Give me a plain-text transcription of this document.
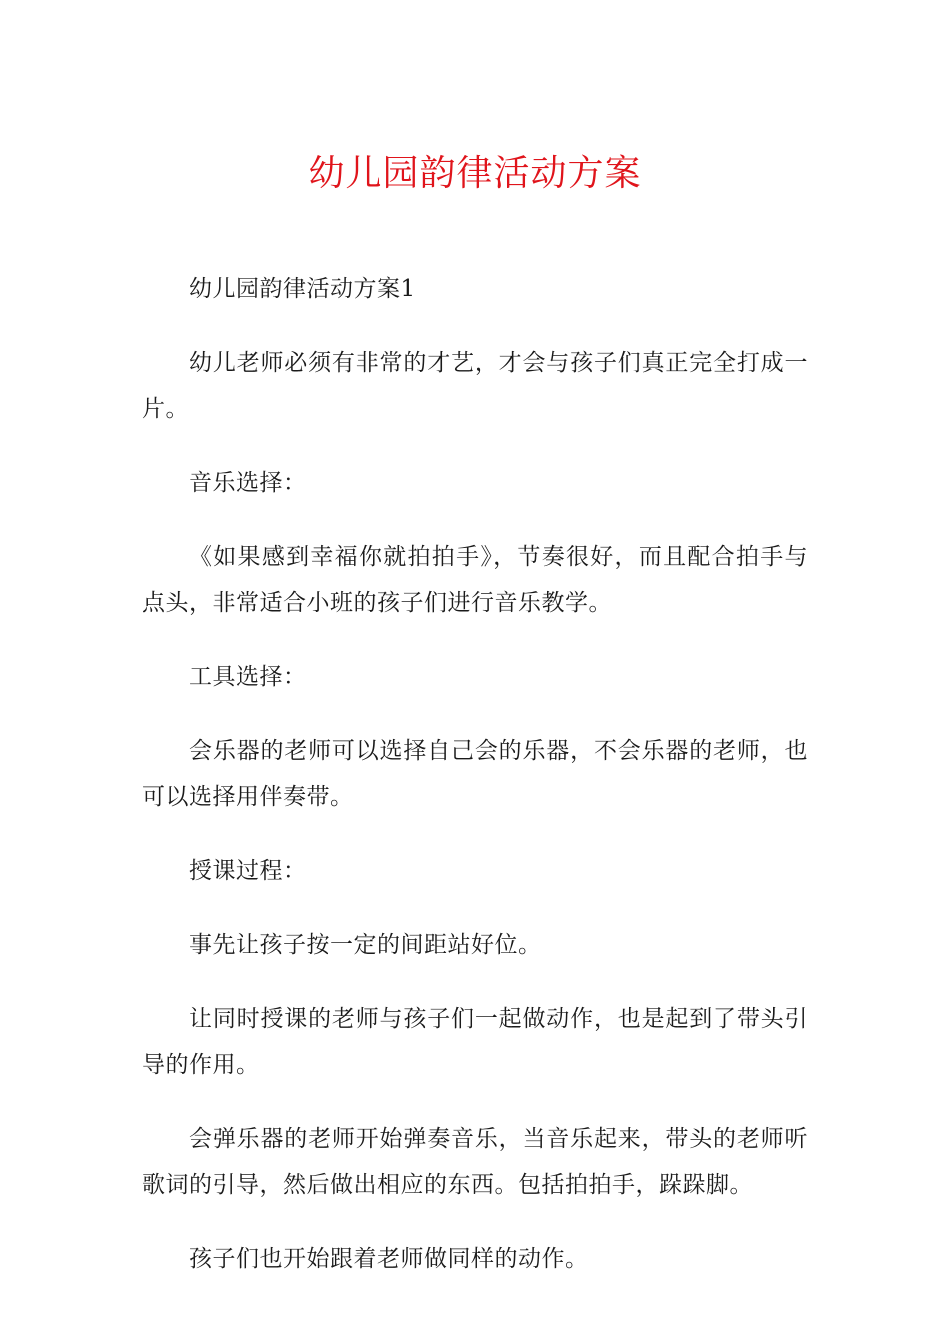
幼儿园韵律活动方案

幼儿园韵律活动方案1

幼儿老师必须有非常的才艺，才会与孩子们真正完全打成一片。

音乐选择：

《如果感到幸福你就拍拍手》，节奏很好，而且配合拍手与点头，非常适合小班的孩子们进行音乐教学。

工具选择：

会乐器的老师可以选择自己会的乐器，不会乐器的老师，也可以选择用伴奏带。

授课过程：

事先让孩子按一定的间距站好位。

让同时授课的老师与孩子们一起做动作，也是起到了带头引导的作用。

会弹乐器的老师开始弹奏音乐，当音乐起来，带头的老师听歌词的引导，然后做出相应的东西。包括拍拍手，跺跺脚。

孩子们也开始跟着老师做同样的动作。
